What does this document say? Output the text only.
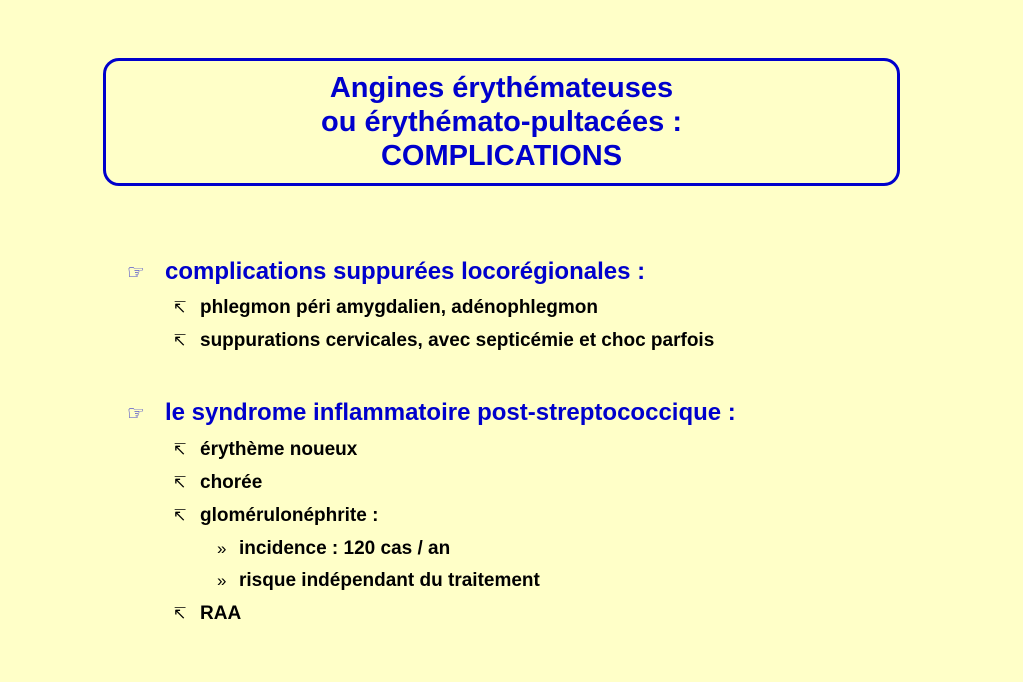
Angines érythémateuses
ou érythémato-pultacées :
COMPLICATIONS
☞ complications suppurées locorégionales :
↸ phlegmon péri amygdalien, adénophlegmon
↸ suppurations cervicales, avec septicémie et choc parfois
☞ le syndrome inflammatoire post-streptococcique :
↸ érythème noueux
↸ chorée
↸ glomérulonéphrite :
» incidence : 120 cas / an
» risque indépendant du traitement
↸ RAA
